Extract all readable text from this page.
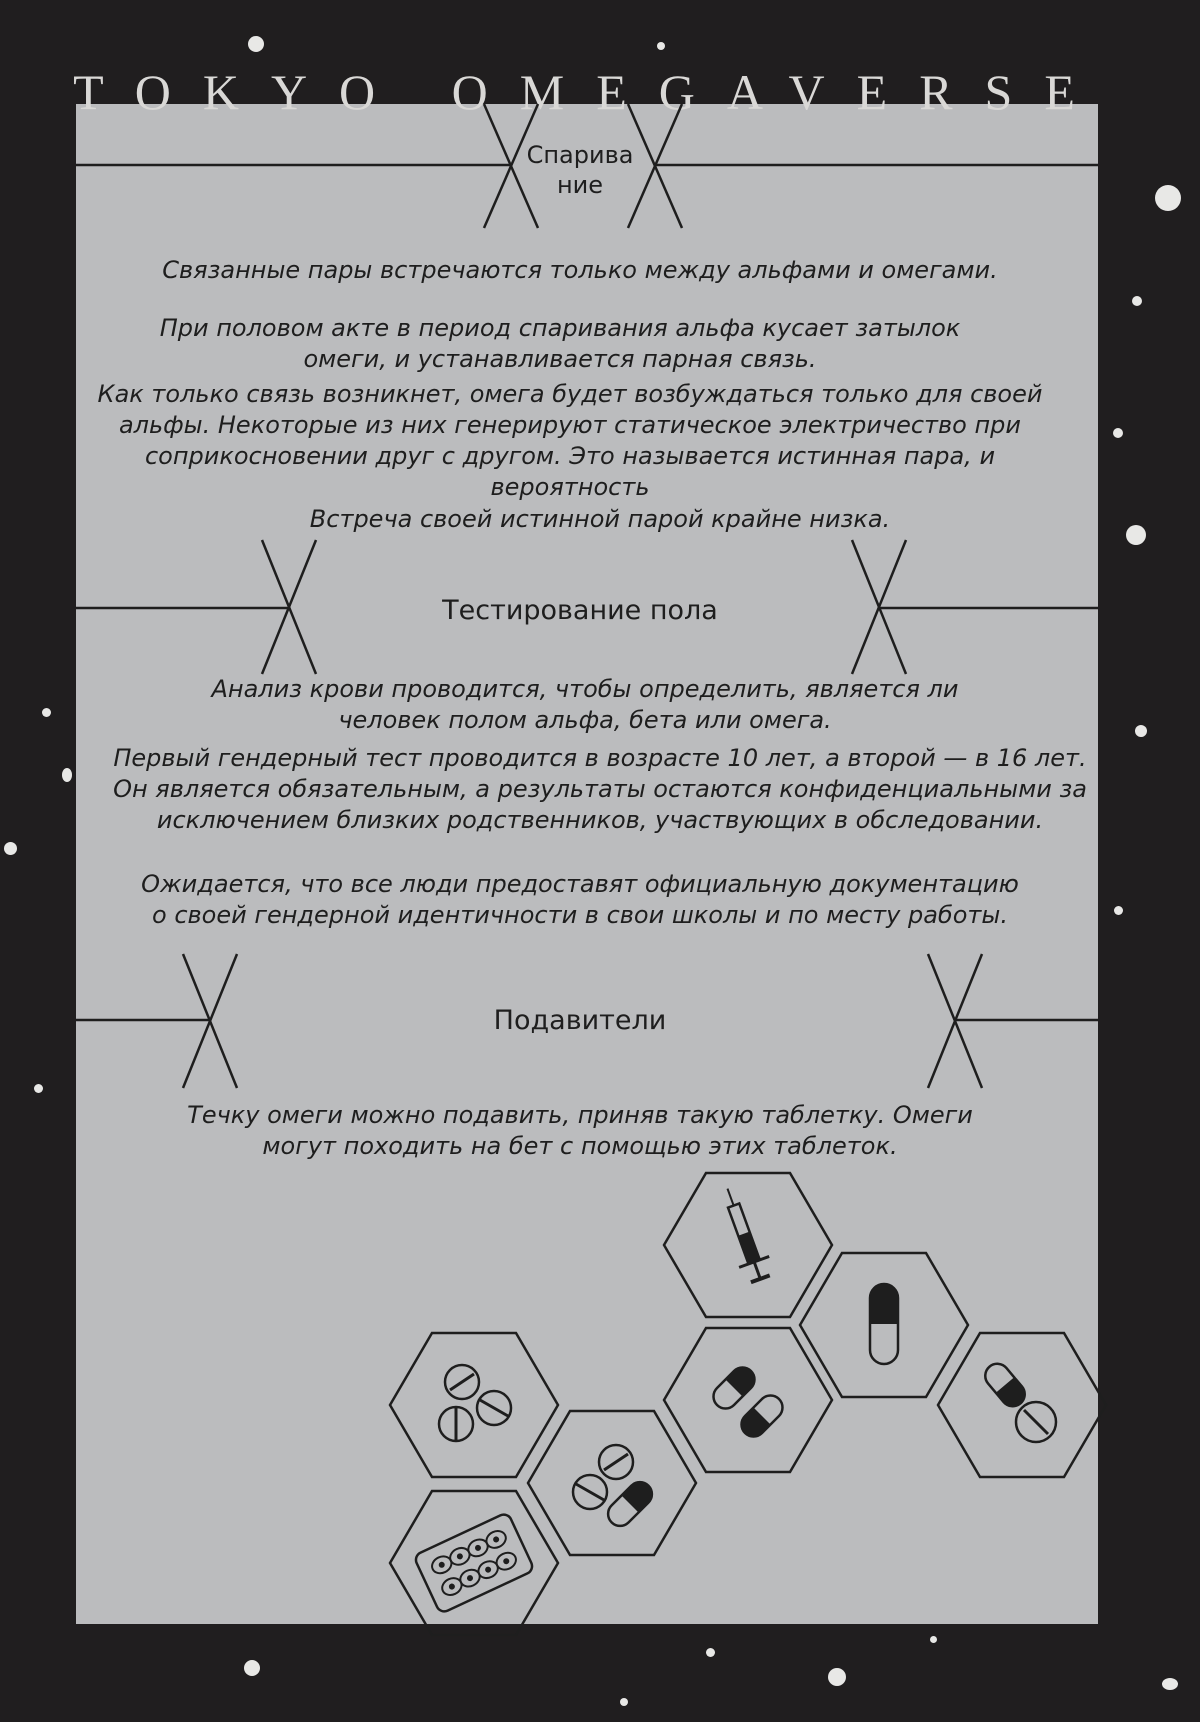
TOKYO OMEGAVERSE
Спарива ние
Связанные пары встречаются только между альфами и омегами.
При половом акте в период спаривания альфа кусает затылок омеги, и устанавливается парная связь.
Как только связь возникнет, омега будет возбуждаться только для своей альфы. Некоторые из них генерируют статическое электричество при соприкосновении друг с другом. Это называется истинная пара, и вероятность
Встреча своей истинной парой крайне низка.
Тестирование пола
Анализ крови проводится, чтобы определить, является ли человек полом альфа, бета или омега.
Первый гендерный тест проводится в возрасте 10 лет, а второй — в 16 лет. Он является обязательным, а результаты остаются конфиденциальными за исключением близких родственников, участвующих в обследовании.
Ожидается, что все люди предоставят официальную документацию о своей гендерной идентичности в свои школы и по месту работы.
Подавители
Течку омеги можно подавить, приняв такую таблетку. Омеги могут походить на бет с помощью этих таблеток.
